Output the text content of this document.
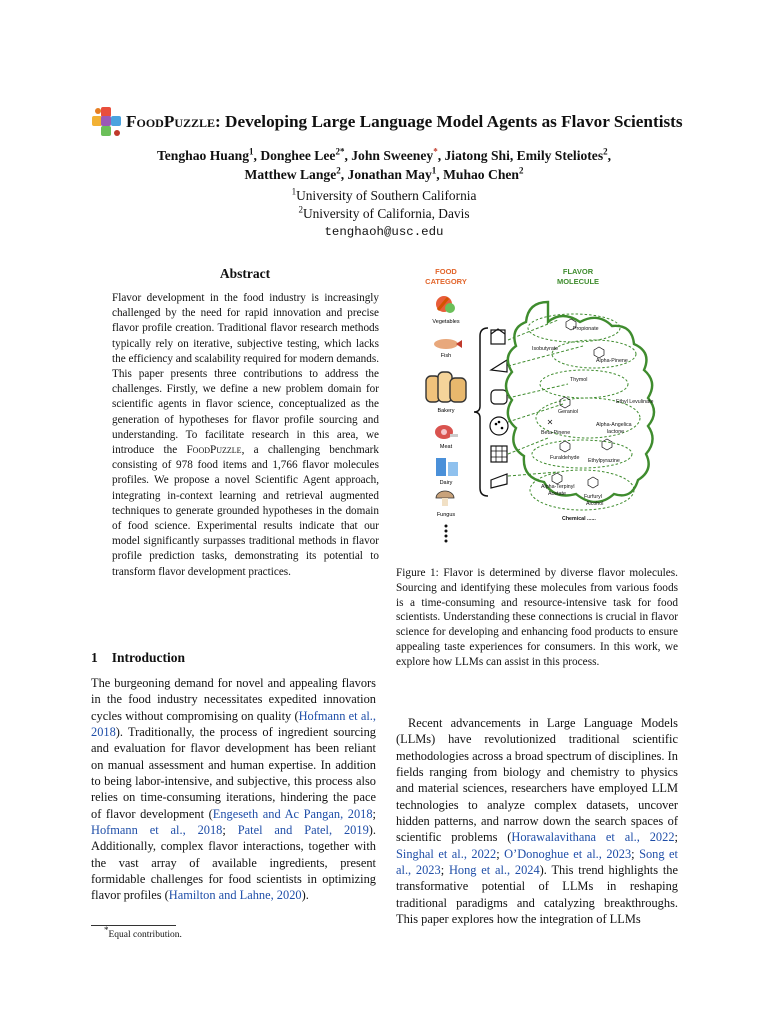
FoodPuzzle: Developing Large Language Model Agents as Flavor Scientists
Tenghao Huang$^1$, Donghee Lee$^{2*}$, John Sweeney*, Jiatong Shi, Emily Steliotes$^2$,
Matthew Lange$^2$, Jonathan May$^1$, Muhao Chen$^2$
$^1$University of Southern California
$^2$University of California, Davis
tenghaoh@usc.edu
Abstract
Flavor development in the food industry is increasingly challenged by the need for rapid innovation and precise flavor profile creation. Traditional flavor research methods typically rely on iterative, subjective testing, which lacks the efficiency and scalability required for modern demands. This paper presents three contributions to address the challenges. Firstly, we define a new problem domain for scientific agents in flavor science, conceptualized as the generation of hypotheses for flavor profile sourcing and understanding. To facilitate research in this area, we introduce the FoodPuzzle, a challenging benchmark consisting of 978 food items and 1,766 flavor molecules profiles. We propose a novel Scientific Agent approach, integrating in-context learning and retrieval augmented techniques to generate grounded hypotheses in the domain of food science. Experimental results indicate that our model significantly surpasses traditional methods in flavor profile prediction tasks, demonstrating its potential to transform flavor development practices.
1 Introduction
The burgeoning demand for novel and appealing flavors in the food industry necessitates expedited innovation cycles without compromising on quality (Hofmann et al., 2018). Traditionally, the process of ingredient sourcing and evaluation for flavor development has been reliant on manual assessment and human expertise. In addition to being labor-intensive, and subjective, this process also relies on time-consuming iterations, hindering the pace of flavor development (Engeseth and Ac Pangan, 2018; Hofmann et al., 2018; Patel and Patel, 2019). Additionally, complex flavor interactions, together with the vast array of available ingredients, present formidable challenges for food scientists in optimizing flavor profiles (Hamilton and Lahne, 2020).
*Equal contribution.
FOOD
CATEGORY
FLAVOR
MOLECULE
Vegetables
Fish
Bakery
Meat
Dairy
Fungus
Propionate
Isobutyrate
Alpha-Pinene
Thymol
Ethyl Levulinate
Geraniol
Beta-Pinene
Alpha-Angelica
lactone
Furaldehyde Ethylpyrazine
Alpha-Terpinyl
Acetate	Furfuryl
Alcohol
Chemical ......
Figure 1: Flavor is determined by diverse flavor molecules. Sourcing and identifying these molecules from various foods is a time-consuming and resource-intensive task for food scientists. Understanding these connections is crucial in flavor science for developing and enhancing food products to ensure appealing taste experiences for consumers. In this work, we explore how LLMs can assist in this process.
Recent advancements in Large Language Models (LLMs) have revolutionized traditional scientific methodologies across a broad spectrum of disciplines. In fields ranging from biology and chemistry to physics and material sciences, researchers have employed LLM technologies to analyze complex datasets, uncover hidden patterns, and narrow down the search spaces of scientific problems (Horawalavithana et al., 2022; Singhal et al., 2022; O’Donoghue et al., 2023; Song et al., 2023; Hong et al., 2024). This trend highlights the transformative potential of LLMs in reshaping traditional paradigms and catalyzing breakthroughs. This paper explores how the integration of LLMs
